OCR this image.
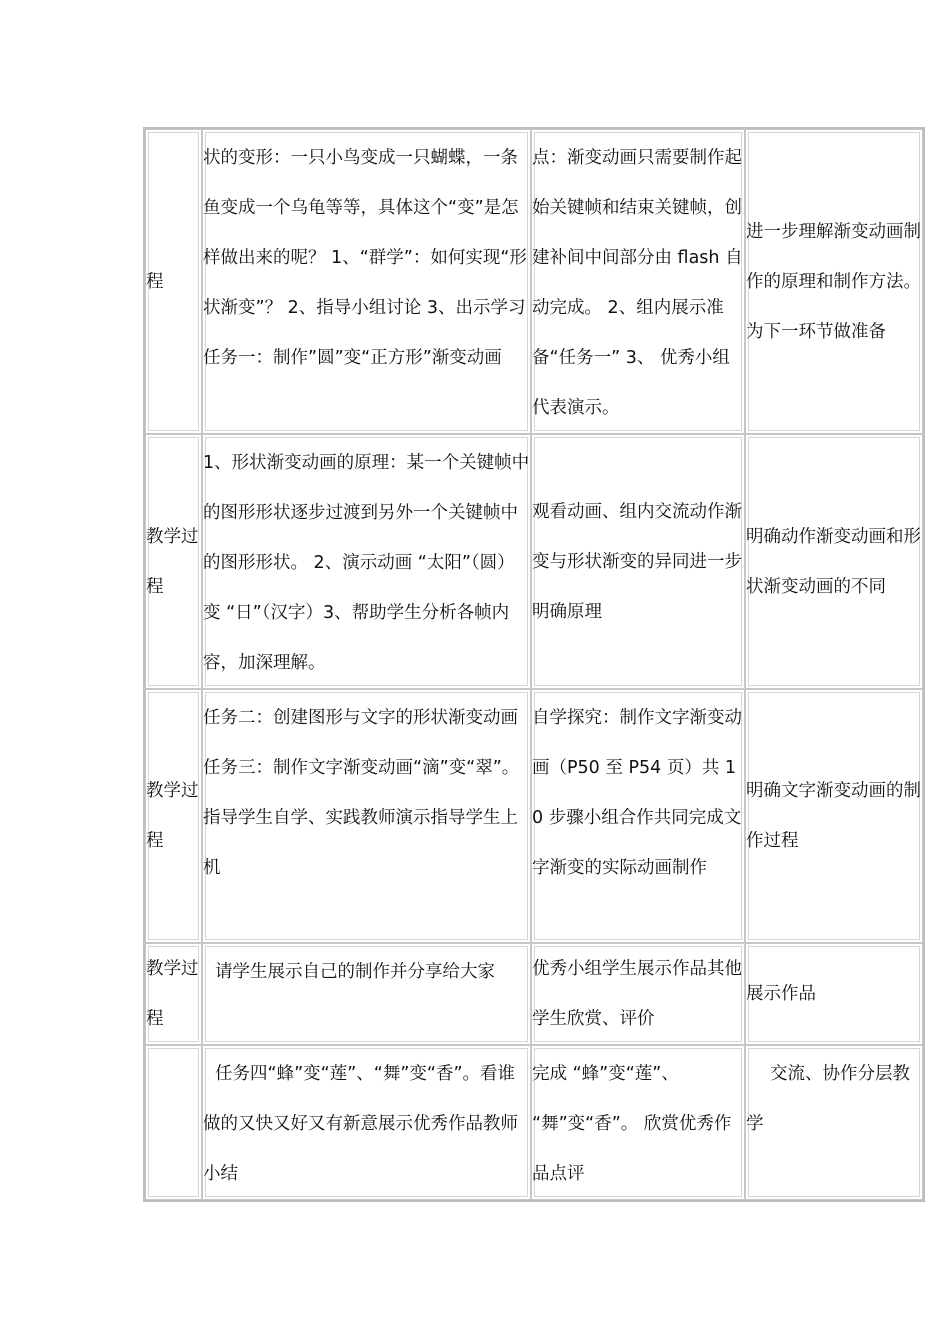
程	状的变形：一只小鸟变成一只蝴蝶，一条鱼变成一个乌龟等等，具体这个“变”是怎样做出来的呢？ 1、“群学”：如何实现“形状渐变”？ 2、指导小组讨论 3、出示学习任务一：制作”圆”变“正方形”渐变动画	点：渐变动画只需要制作起始关键帧和结束关键帧，创建补间中间部分由 flash 自动完成。 2、组内展示准备“任务一” 3、 优秀小组代表演示。	进一步理解渐变动画制作的原理和制作方法。为下一环节做准备

教学过程	1、形状渐变动画的原理：某一个关键帧中的图形形状逐步过渡到另外一个关键帧中的图形形状。 2、演示动画 “太阳”（圆）变 “日”（汉字）3、帮助学生分析各帧内容，加深理解。	观看动画、组内交流动作渐变与形状渐变的异同进一步明确原理	明确动作渐变动画和形状渐变动画的不同

教学过程	任务二：创建图形与文字的形状渐变动画任务三：制作文字渐变动画“滴”变“翠”。指导学生自学、实践教师演示指导学生上机	自学探究：制作文字渐变动画（P50 至 P54 页）共 10 步骤小组合作共同完成文字渐变的实际动画制作	明确文字渐变动画的制作过程

教学过程	请学生展示自己的制作并分享给大家	优秀小组学生展示作品其他学生欣赏、评价	展示作品

	任务四“蜂”变“莲”、“舞”变“香”。看谁做的又快又好又有新意展示优秀作品教师小结	完成 “蜂”变“莲”、 “舞”变“香”。 欣赏优秀作品点评	交流、协作分层教学
